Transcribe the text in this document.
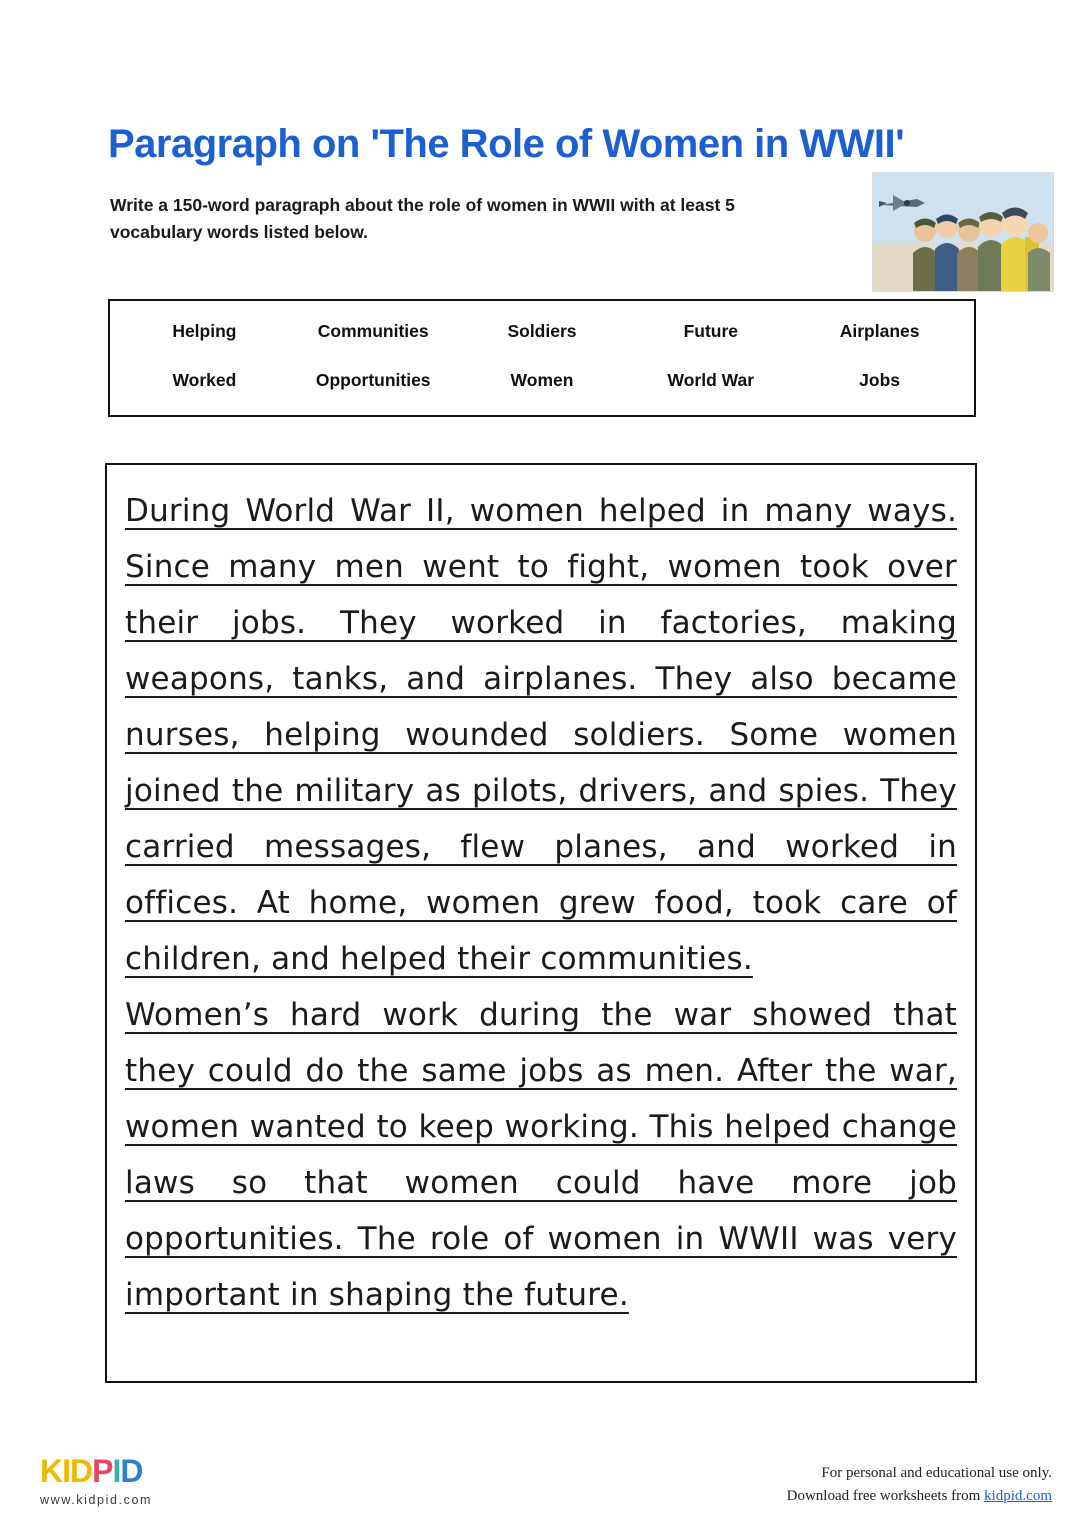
Paragraph on 'The Role of Women in WWII'
Write a 150-word paragraph about the role of women in WWII with at least 5 vocabulary words listed below.
Helping	Communities	Soldiers	Future	Airplanes
Worked	Opportunities	Women	World War	Jobs
During World War II, women helped in many ways. Since many men went to fight, women took over their jobs. They worked in factories, making weapons, tanks, and airplanes. They also became nurses, helping wounded soldiers. Some women joined the military as pilots, drivers, and spies. They carried messages, flew planes, and worked in offices. At home, women grew food, took care of children, and helped their communities.
Women’s hard work during the war showed that they could do the same jobs as men. After the war, women wanted to keep working. This helped change laws so that women could have more job opportunities. The role of women in WWII was very important in shaping the future.
KIDPID
www.kidpid.com
For personal and educational use only.
Download free worksheets from kidpid.com
